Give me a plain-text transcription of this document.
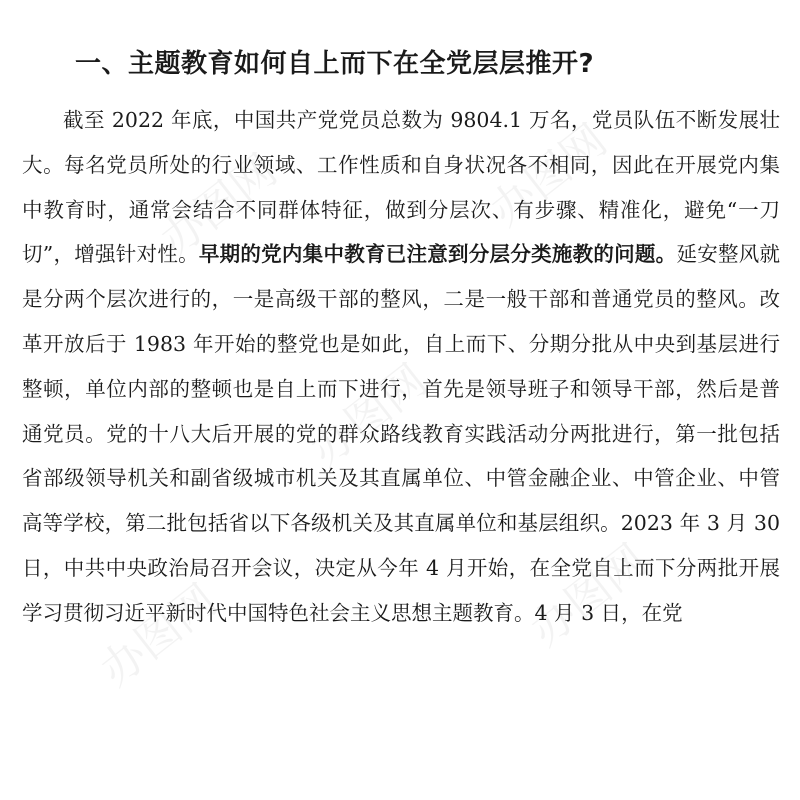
办图网	办图网
办图网
办图网	办图网
一、主题教育如何自上而下在全党层层推开?

截至 2022 年底，中国共产党党员总数为 9804.1 万名，党员队伍不断发展壮大。每名党员所处的行业领域、工作性质和自身状况各不相同，因此在开展党内集中教育时，通常会结合不同群体特征，做到分层次、有步骤、精准化，避免“一刀切”，增强针对性。早期的党内集中教育已注意到分层分类施教的问题。延安整风就是分两个层次进行的，一是高级干部的整风，二是一般干部和普通党员的整风。改革开放后于 1983 年开始的整党也是如此，自上而下、分期分批从中央到基层进行整顿，单位内部的整顿也是自上而下进行，首先是领导班子和领导干部，然后是普通党员。党的十八大后开展的党的群众路线教育实践活动分两批进行，第一批包括省部级领导机关和副省级城市机关及其直属单位、中管金融企业、中管企业、中管高等学校，第二批包括省以下各级机关及其直属单位和基层组织。2023 年 3 月 30 日，中共中央政治局召开会议，决定从今年 4 月开始，在全党自上而下分两批开展学习贯彻习近平新时代中国特色社会主义思想主题教育。4 月 3 日，在党
